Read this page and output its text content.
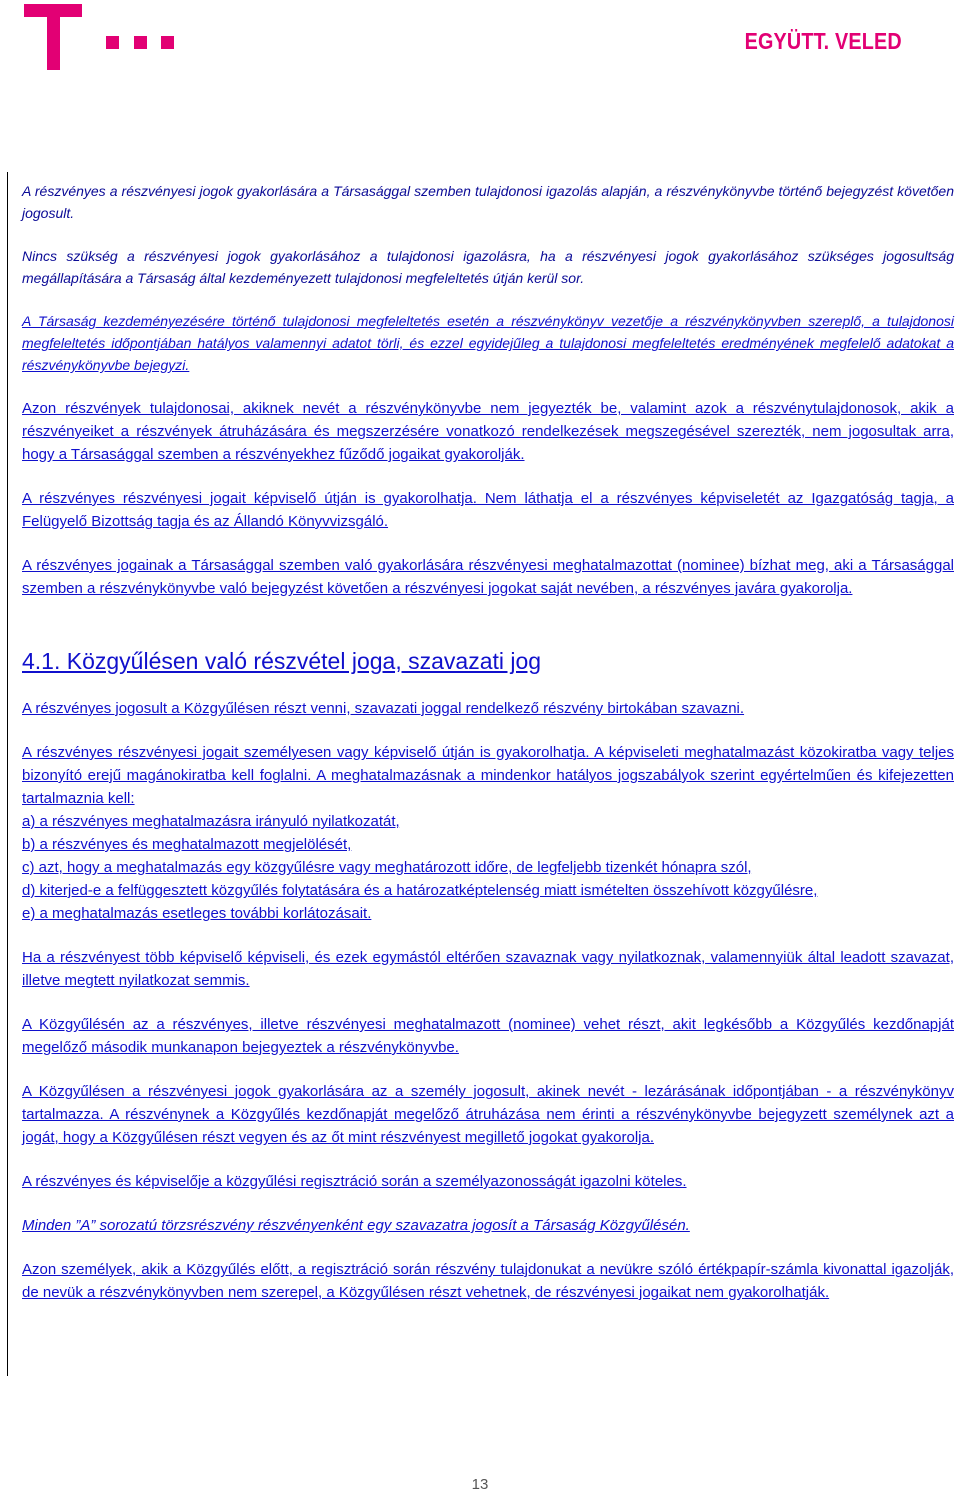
EGYÜTT. VELED

A részvényes a részvényesi jogok gyakorlására a Társasággal szemben tulajdonosi igazolás alapján, a részvénykönyvbe történő bejegyzést követően jogosult.

Nincs szükség a részvényesi jogok gyakorlásához a tulajdonosi igazolásra, ha a részvényesi jogok gyakorlásához szükséges jogosultság megállapítására a Társaság által kezdeményezett tulajdonosi megfeleltetés útján kerül sor.

A Társaság kezdeményezésére történő tulajdonosi megfeleltetés esetén a részvénykönyv vezetője a részvénykönyvben szereplő, a tulajdonosi megfeleltetés időpontjában hatályos valamennyi adatot törli, és ezzel egyidejűleg a tulajdonosi megfeleltetés eredményének megfelelő adatokat a részvénykönyvbe bejegyzi.

Azon részvények tulajdonosai, akiknek nevét a részvénykönyvbe nem jegyezték be, valamint azok a részvénytulajdonosok, akik a részvényeiket a részvények átruházására és megszerzésére vonatkozó rendelkezések megszegésével szerezték, nem jogosultak arra, hogy a Társasággal szemben a részvényekhez fűződő jogaikat gyakorolják.

A részvényes részvényesi jogait képviselő útján is gyakorolhatja. Nem láthatja el a részvényes képviseletét az Igazgatóság tagja, a Felügyelő Bizottság tagja és az Állandó Könyvvizsgáló.

A részvényes jogainak a Társasággal szemben való gyakorlására részvényesi meghatalmazottat (nominee) bízhat meg, aki a Társasággal szemben a részvénykönyvbe való bejegyzést követően a részvényesi jogokat saját nevében, a részvényes javára gyakorolja.

4.1. Közgyűlésen való részvétel joga, szavazati jog

A részvényes jogosult a Közgyűlésen részt venni, szavazati joggal rendelkező részvény birtokában szavazni.

A részvényes részvényesi jogait személyesen vagy képviselő útján is gyakorolhatja. A képviseleti meghatalmazást közokiratba vagy teljes bizonyító erejű magánokiratba kell foglalni. A meghatalmazásnak a mindenkor hatályos jogszabályok szerint egyértelműen és kifejezetten tartalmaznia kell:

a) a részvényes meghatalmazásra irányuló nyilatkozatát,
b) a részvényes és meghatalmazott megjelölését,
c) azt, hogy a meghatalmazás egy közgyűlésre vagy meghatározott időre, de legfeljebb tizenkét hónapra szól,
d) kiterjed-e a felfüggesztett közgyűlés folytatására és a határozatképtelenség miatt ismételten összehívott közgyűlésre,
e) a meghatalmazás esetleges további korlátozásait.

Ha a részvényest több képviselő képviseli, és ezek egymástól eltérően szavaznak vagy nyilatkoznak, valamennyiük által leadott szavazat, illetve megtett nyilatkozat semmis.

A Közgyűlésén az a részvényes, illetve részvényesi meghatalmazott (nominee) vehet részt, akit legkésőbb a Közgyűlés kezdőnapját megelőző második munkanapon bejegyeztek a részvénykönyvbe.

A Közgyűlésen a részvényesi jogok gyakorlására az a személy jogosult, akinek nevét - lezárásának időpontjában - a részvénykönyv tartalmazza. A részvénynek a Közgyűlés kezdőnapját megelőző átruházása nem érinti a részvénykönyvbe bejegyzett személynek azt a jogát, hogy a Közgyűlésen részt vegyen és az őt mint részvényest megillető jogokat gyakorolja.

A részvényes és képviselője a közgyűlési regisztráció során a személyazonosságát igazolni köteles.

Minden ”A” sorozatú törzsrészvény részvényenként egy szavazatra jogosít a Társaság Közgyűlésén.

Azon személyek, akik a Közgyűlés előtt, a regisztráció során részvény tulajdonukat a nevükre szóló értékpapír-számla kivonattal igazolják, de nevük a részvénykönyvben nem szerepel, a Közgyűlésen részt vehetnek, de részvényesi jogaikat nem gyakorolhatják.

13
